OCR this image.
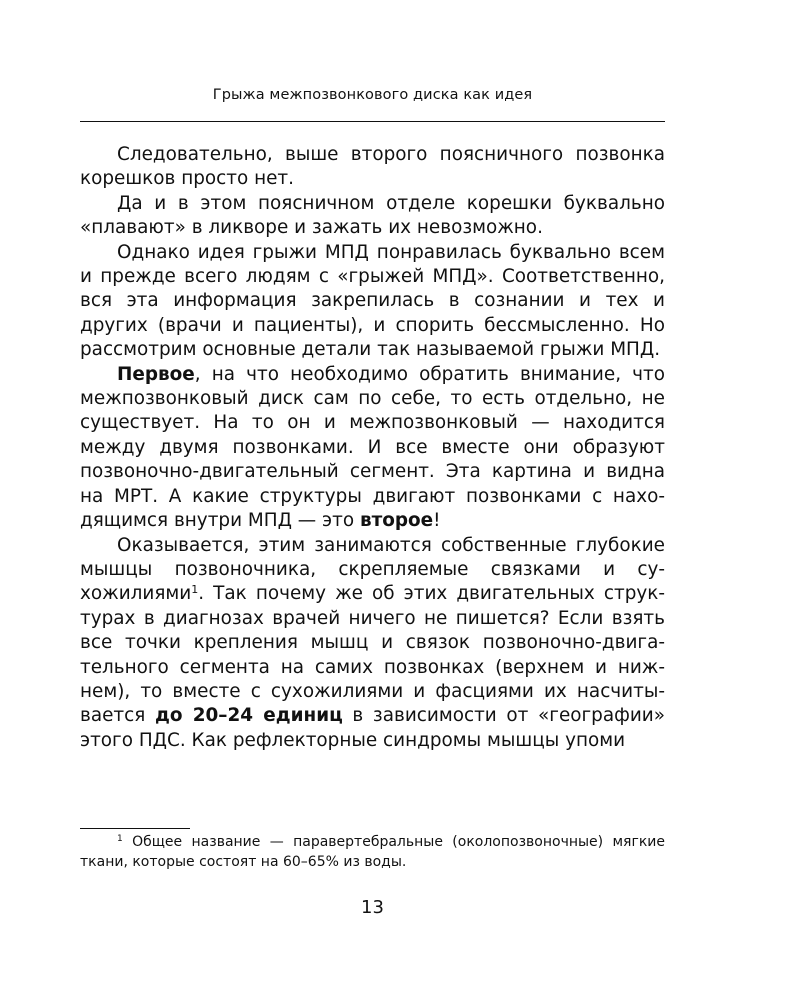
Грыжа межпозвонкового диска как идея

Следовательно, выше второго поясничного позвонка корешков просто нет.

Да и в этом поясничном отделе корешки буквально «плавают» в ликворе и зажать их невозможно.

Однако идея грыжи МПД понравилась буквально всем и прежде всего людям с «грыжей МПД». Соответственно, вся эта информация закрепилась в сознании и тех и других (врачи и пациенты), и спорить бессмысленно. Но рассмотрим основные детали так называемой грыжи МПД.

Первое, на что необходимо обратить внимание, что межпозвонковый диск сам по себе, то есть отдельно, не существует. На то он и межпозвонковый — находится между двумя позвонками. И все вместе они образуют позвоночно-двигательный сегмент. Эта картина и видна на МРТ. А какие структуры двигают позвонками с находящимся внутри МПД — это второе!

Оказывается, этим занимаются собственные глубокие мышцы позвоночника, скрепляемые связками и сухожилиями$^1$. Так почему же об этих двигательных структурах в диагнозах врачей ничего не пишется? Если взять все точки крепления мышц и связок позвоночно-двигательного сегмента на самих позвонках (верхнем и нижнем), то вместе с сухожилиями и фасциями их насчитывается до 20–24 единиц в зависимости от «географии» этого ПДС. Как рефлекторные синдромы мышцы упоми

$^1$ Общее название — паравертебральные (околопозвоночные) мягкие ткани, которые состоят на 60–65% из воды.

13
